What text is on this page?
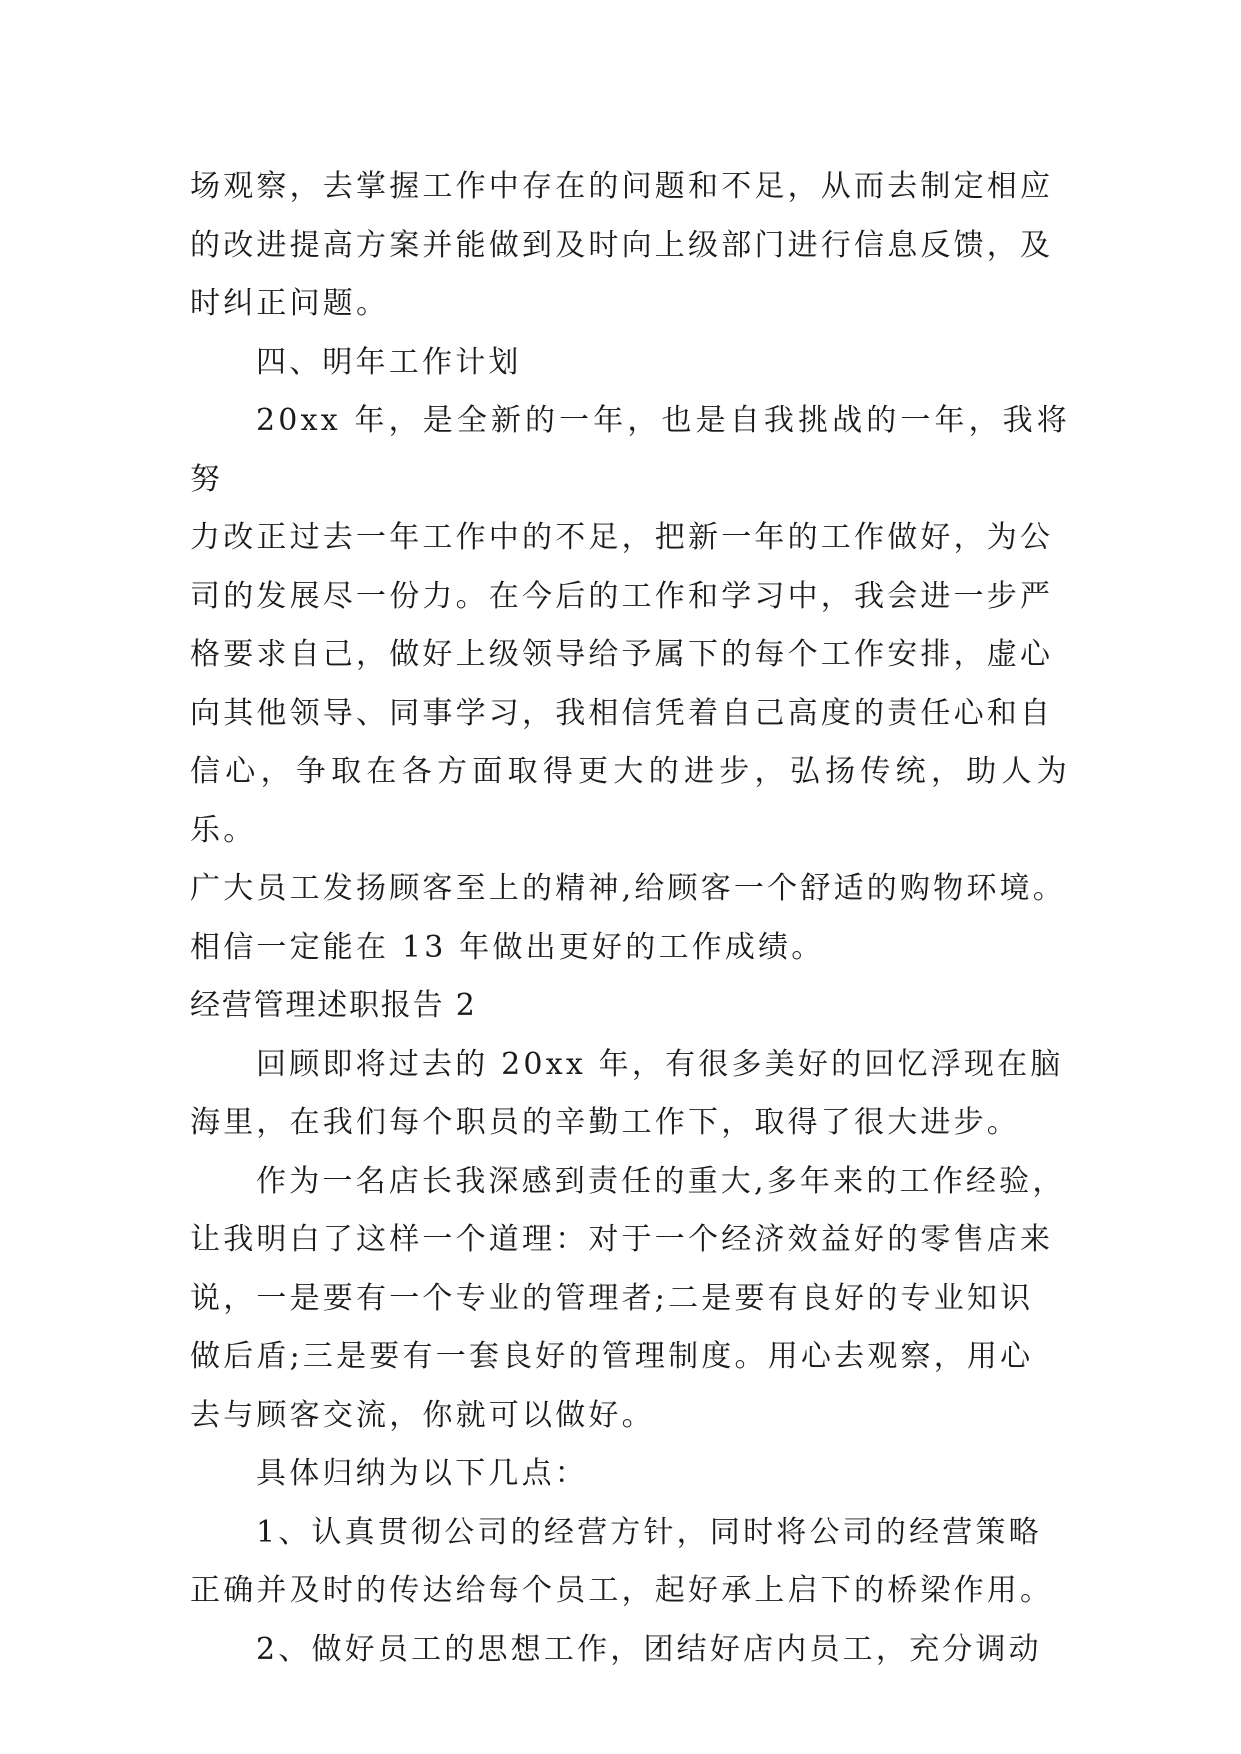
场观察，去掌握工作中存在的问题和不足，从而去制定相应
的改进提高方案并能做到及时向上级部门进行信息反馈，及
时纠正问题。

四、明年工作计划

20xx 年，是全新的一年，也是自我挑战的一年，我将努
力改正过去一年工作中的不足，把新一年的工作做好，为公
司的发展尽一份力。在今后的工作和学习中，我会进一步严
格要求自己，做好上级领导给予属下的每个工作安排，虚心
向其他领导、同事学习，我相信凭着自己高度的责任心和自
信心，争取在各方面取得更大的进步，弘扬传统，助人为乐。
广大员工发扬顾客至上的精神,给顾客一个舒适的购物环境。
相信一定能在 13 年做出更好的工作成绩。

经营管理述职报告 2

回顾即将过去的 20xx 年，有很多美好的回忆浮现在脑
海里，在我们每个职员的辛勤工作下，取得了很大进步。

作为一名店长我深感到责任的重大,多年来的工作经验，
让我明白了这样一个道理：对于一个经济效益好的零售店来
说，一是要有一个专业的管理者;二是要有良好的专业知识
做后盾;三是要有一套良好的管理制度。用心去观察，用心
去与顾客交流，你就可以做好。

具体归纳为以下几点：

1、认真贯彻公司的经营方针，同时将公司的经营策略
正确并及时的传达给每个员工，起好承上启下的桥梁作用。

2、做好员工的思想工作，团结好店内员工，充分调动
